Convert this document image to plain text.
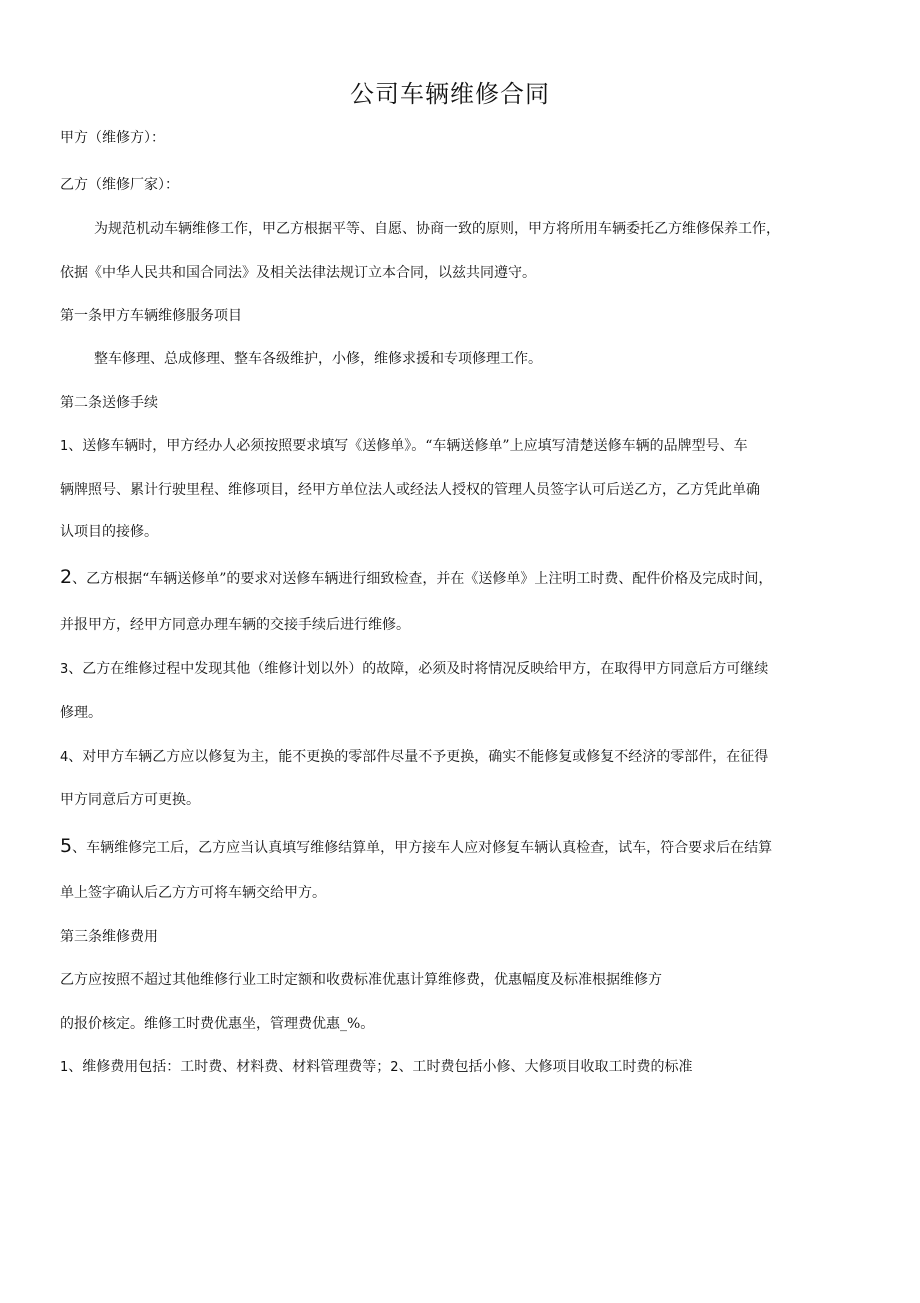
公司车辆维修合同
甲方（维修方）：
乙方（维修厂家）：
为规范机动车辆维修工作，甲乙方根据平等、自愿、协商一致的原则，甲方将所用车辆委托乙方维修保养工作，
依据《中华人民共和国合同法》及相关法律法规订立本合同，以兹共同遵守。
第一条甲方车辆维修服务项目
整车修理、总成修理、整车各级维护，小修，维修求援和专项修理工作。
第二条送修手续
1、送修车辆时，甲方经办人必须按照要求填写《送修单》。“车辆送修单”上应填写清楚送修车辆的品牌型号、车
辆牌照号、累计行驶里程、维修项目，经甲方单位法人或经法人授权的管理人员签字认可后送乙方，乙方凭此单确
认项目的接修。
2、乙方根据“车辆送修单”的要求对送修车辆进行细致检查，并在《送修单》上注明工时费、配件价格及完成时间，
并报甲方，经甲方同意办理车辆的交接手续后进行维修。
3、乙方在维修过程中发现其他（维修计划以外）的故障，必须及时将情况反映给甲方，在取得甲方同意后方可继续
修理。
4、对甲方车辆乙方应以修复为主，能不更换的零部件尽量不予更换，确实不能修复或修复不经济的零部件，在征得
甲方同意后方可更换。
5、车辆维修完工后，乙方应当认真填写维修结算单，甲方接车人应对修复车辆认真检查，试车，符合要求后在结算
单上签字确认后乙方方可将车辆交给甲方。
第三条维修费用
乙方应按照不超过其他维修行业工时定额和收费标准优惠计算维修费，优惠幅度及标准根据维修方
的报价核定。维修工时费优惠坐，管理费优惠_%。
1、维修费用包括：工时费、材料费、材料管理费等；2、工时费包括小修、大修项目收取工时费的标准
